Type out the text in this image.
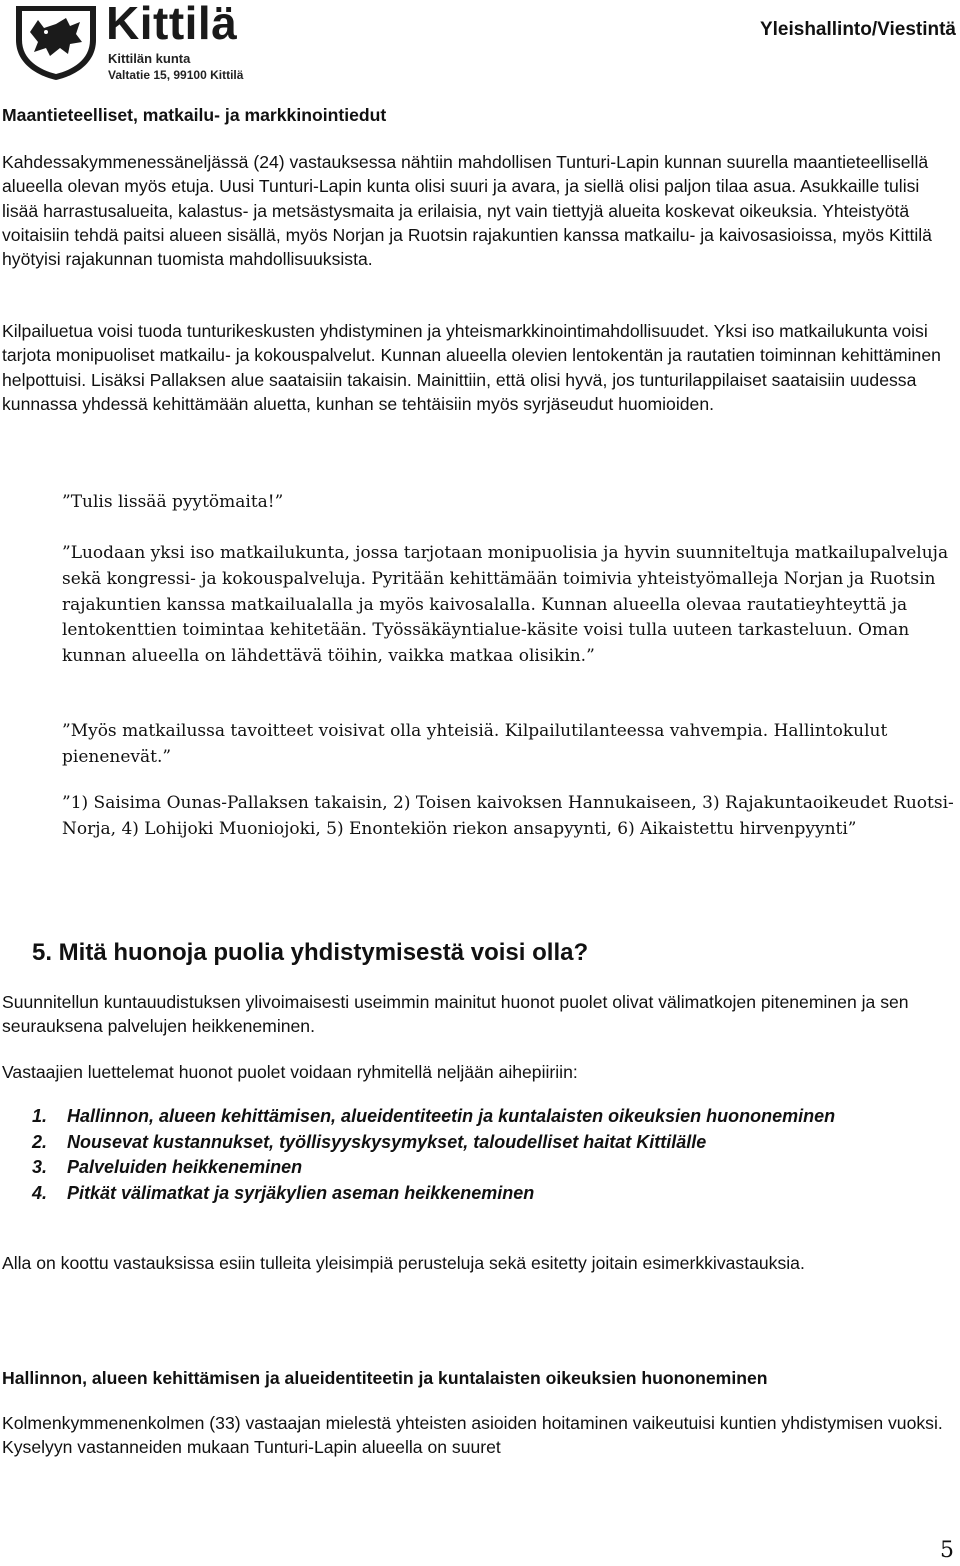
Kittilä
Kittilän kunta
Valtatie 15, 99100 Kittilä
Yleishallinto/Viestintä

Maantieteelliset, matkailu- ja markkinointiedut

Kahdessakymmenessäneljässä (24) vastauksessa nähtiin mahdollisen Tunturi-Lapin kunnan suurella maantieteellisellä alueella olevan myös etuja. Uusi Tunturi-Lapin kunta olisi suuri ja avara, ja siellä olisi paljon tilaa asua. Asukkaille tulisi lisää harrastusalueita, kalastus- ja metsästysmaita ja erilaisia, nyt vain tiettyjä alueita koskevat oikeuksia. Yhteistyötä voitaisiin tehdä paitsi alueen sisällä, myös Norjan ja Ruotsin rajakuntien kanssa matkailu- ja kaivosasioissa, myös Kittilä hyötyisi rajakunnan tuomista mahdollisuuksista.

Kilpailuetua voisi tuoda tunturikeskusten yhdistyminen ja yhteismarkkinointimahdollisuudet. Yksi iso matkailukunta voisi tarjota monipuoliset matkailu- ja kokouspalvelut. Kunnan alueella olevien lentokentän ja rautatien toiminnan kehittäminen helpottuisi. Lisäksi Pallaksen alue saataisiin takaisin. Mainittiin, että olisi hyvä, jos tunturilappilaiset saataisiin uudessa kunnassa yhdessä kehittämään aluetta, kunhan se tehtäisiin myös syrjäseudut huomioiden.

”Tulis lissää pyytömaita!”

”Luodaan yksi iso matkailukunta, jossa tarjotaan monipuolisia ja hyvin suunniteltuja matkailupalveluja sekä kongressi- ja kokouspalveluja. Pyritään kehittämään toimivia yhteistyömalleja Norjan ja Ruotsin rajakuntien kanssa matkailualalla ja myös kaivosalalla. Kunnan alueella olevaa rautatieyhteyttä ja lentokenttien toimintaa kehitetään. Työssäkäyntialue-käsite voisi tulla uuteen tarkasteluun. Oman kunnan alueella on lähdettävä töihin, vaikka matkaa olisikin.”

”Myös matkailussa tavoitteet voisivat olla yhteisiä. Kilpailutilanteessa vahvempia. Hallintokulut pienenevät.”

”1) Saisima Ounas-Pallaksen takaisin, 2) Toisen kaivoksen Hannukaiseen, 3) Rajakuntaoikeudet Ruotsi-Norja, 4) Lohijoki Muoniojoki, 5) Enontekiön riekon ansapyynti, 6) Aikaistettu hirvenpyynti”

5. Mitä huonoja puolia yhdistymisestä voisi olla?

Suunnitellun kuntauudistuksen ylivoimaisesti useimmin mainitut huonot puolet olivat välimatkojen piteneminen ja sen seurauksena palvelujen heikkeneminen.

Vastaajien luettelemat huonot puolet voidaan ryhmitellä neljään aihepiiriin:

1.	Hallinnon, alueen kehittämisen, alueidentiteetin ja kuntalaisten oikeuksien huononeminen
2.	Nousevat kustannukset, työllisyyskysymykset, taloudelliset haitat Kittilälle
3.	Palveluiden heikkeneminen
4.	Pitkät välimatkat ja syrjäkylien aseman heikkeneminen

Alla on koottu vastauksissa esiin tulleita yleisimpiä perusteluja sekä esitetty joitain esimerkkivastauksia.

Hallinnon, alueen kehittämisen ja alueidentiteetin ja kuntalaisten oikeuksien huononeminen

Kolmenkymmenenkolmen (33) vastaajan mielestä yhteisten asioiden hoitaminen vaikeutuisi kuntien yhdistymisen vuoksi. Kyselyyn vastanneiden mukaan Tunturi-Lapin alueella on suuret

5
